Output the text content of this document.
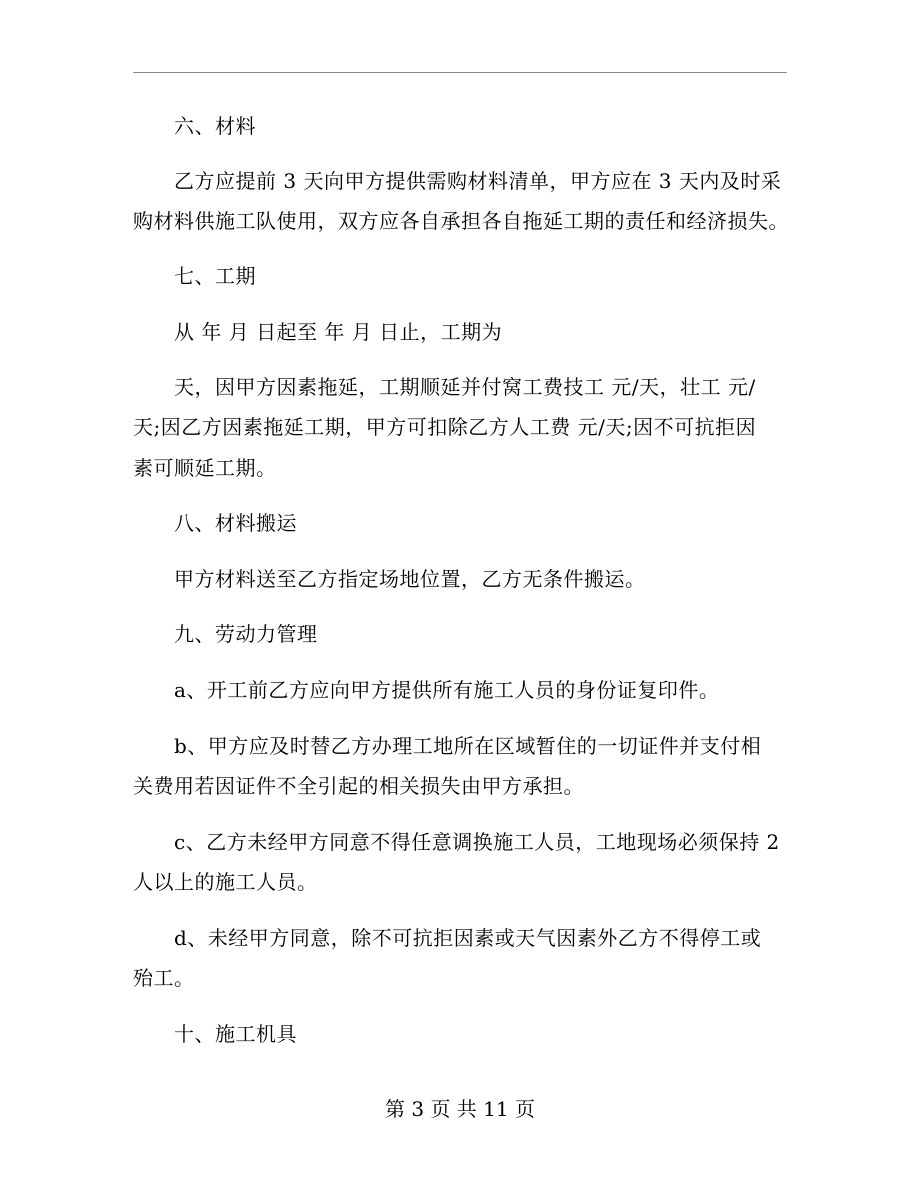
六、材料
乙方应提前 3 天向甲方提供需购材料清单，甲方应在 3 天内及时采
购材料供施工队使用，双方应各自承担各自拖延工期的责任和经济损失。
七、工期
从 年 月 日起至 年 月 日止，工期为
天，因甲方因素拖延，工期顺延并付窝工费技工 元/天，壮工 元/
天;因乙方因素拖延工期，甲方可扣除乙方人工费 元/天;因不可抗拒因
素可顺延工期。
八、材料搬运
甲方材料送至乙方指定场地位置，乙方无条件搬运。
九、劳动力管理
a、开工前乙方应向甲方提供所有施工人员的身份证复印件。
b、甲方应及时替乙方办理工地所在区域暂住的一切证件并支付相
关费用若因证件不全引起的相关损失由甲方承担。
c、乙方未经甲方同意不得任意调换施工人员，工地现场必须保持 2
人以上的施工人员。
d、未经甲方同意，除不可抗拒因素或天气因素外乙方不得停工或
殆工。
十、施工机具
第 3 页 共 11 页
